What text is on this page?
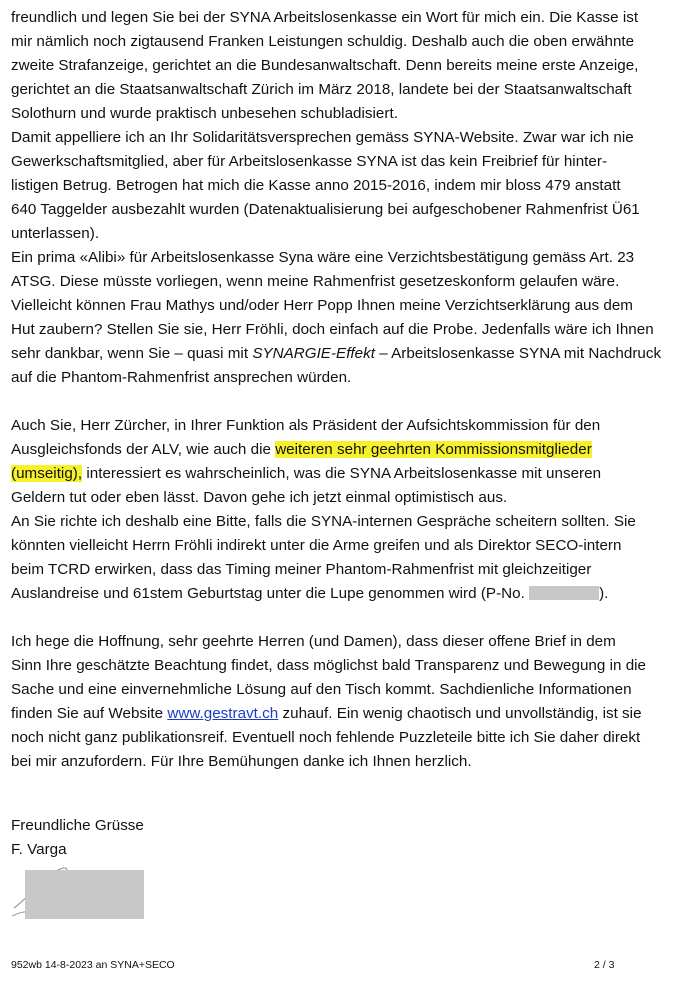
freundlich und legen Sie bei der SYNA Arbeitslosenkasse ein Wort für mich ein. Die Kasse ist
mir nämlich noch zigtausend Franken Leistungen schuldig. Deshalb auch die oben erwähnte
zweite Strafanzeige, gerichtet an die Bundesanwaltschaft. Denn bereits meine erste Anzeige,
gerichtet an die Staatsanwaltschaft Zürich im März 2018, landete bei der Staatsanwaltschaft
Solothurn und wurde praktisch unbesehen schubladisiert.
Damit appelliere ich an Ihr Solidaritätsversprechen gemäss SYNA-Website. Zwar war ich nie
Gewerkschaftsmitglied, aber für Arbeitslosenkasse SYNA ist das kein Freibrief für hinter-
listigen Betrug. Betrogen hat mich die Kasse anno 2015-2016, indem mir bloss 479 anstatt
640 Taggelder ausbezahlt wurden (Datenaktualisierung bei aufgeschobener Rahmenfrist Ü61
unterlassen).
Ein prima «Alibi» für Arbeitslosenkasse Syna wäre eine Verzichtsbestätigung gemäss Art. 23
ATSG. Diese müsste vorliegen, wenn meine Rahmenfrist gesetzeskonform gelaufen wäre.
Vielleicht können Frau Mathys und/oder Herr Popp Ihnen meine Verzichtserklärung aus dem
Hut zaubern? Stellen Sie sie, Herr Fröhli, doch einfach auf die Probe. Jedenfalls wäre ich Ihnen
sehr dankbar, wenn Sie – quasi mit SYNARGIE-Effekt – Arbeitslosenkasse SYNA mit Nachdruck
auf die Phantom-Rahmenfrist ansprechen würden.
Auch Sie, Herr Zürcher, in Ihrer Funktion als Präsident der Aufsichtskommission für den
Ausgleichsfonds der ALV, wie auch die weiteren sehr geehrten Kommissionsmitglieder
(umseitig), interessiert es wahrscheinlich, was die SYNA Arbeitslosenkasse mit unseren
Geldern tut oder eben lässt. Davon gehe ich jetzt einmal optimistisch aus.
An Sie richte ich deshalb eine Bitte, falls die SYNA-internen Gespräche scheitern sollten. Sie
könnten vielleicht Herrn Fröhli indirekt unter die Arme greifen und als Direktor SECO-intern
beim TCRD erwirken, dass das Timing meiner Phantom-Rahmenfrist mit gleichzeitiger
Auslandreise und 61stem Geburtstag unter die Lupe genommen wird (P-No.	).
Ich hege die Hoffnung, sehr geehrte Herren (und Damen), dass dieser offene Brief in dem
Sinn Ihre geschätzte Beachtung findet, dass möglichst bald Transparenz und Bewegung in die
Sache und eine einvernehmliche Lösung auf den Tisch kommt. Sachdienliche Informationen
finden Sie auf Website www.gestravt.ch zuhauf. Ein wenig chaotisch und unvollständig, ist sie
noch nicht ganz publikationsreif. Eventuell noch fehlende Puzzleteile bitte ich Sie daher direkt
bei mir anzufordern. Für Ihre Bemühungen danke ich Ihnen herzlich.
Freundliche Grüsse
F. Varga
952wb 14-8-2023 an SYNA+SECO	2 / 3
